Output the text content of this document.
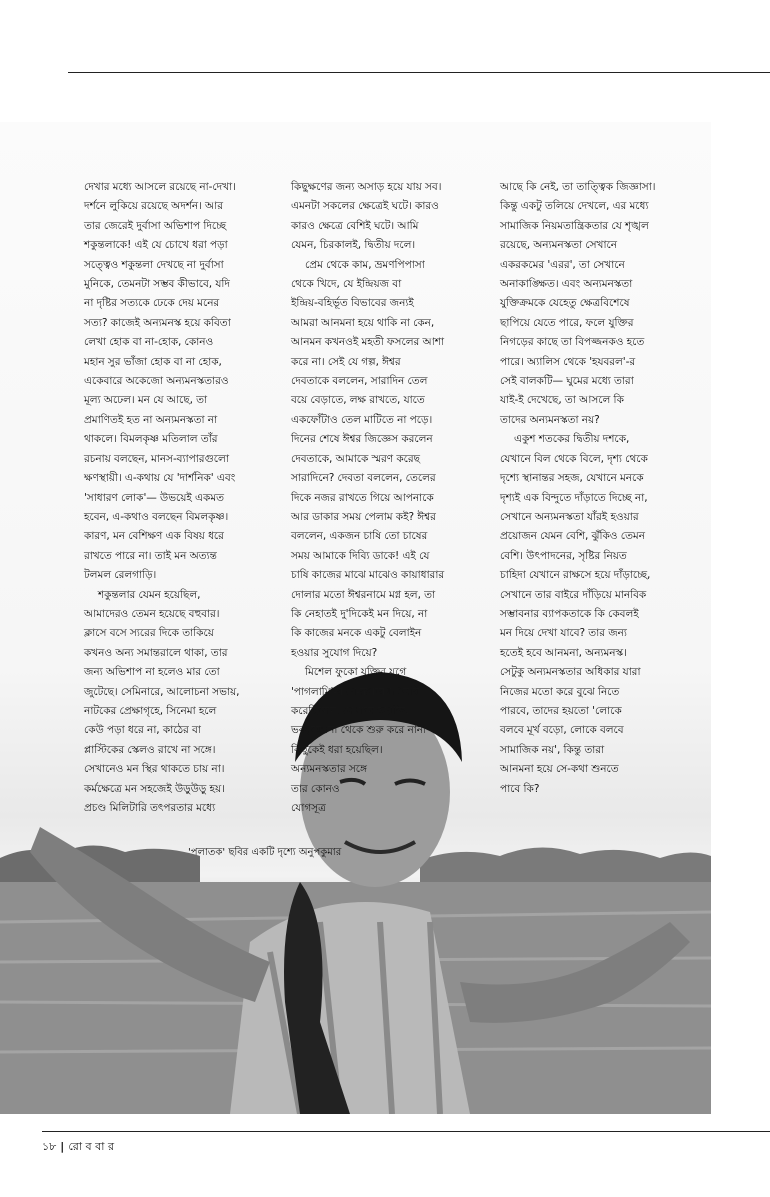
দেখার মধ্যে আসলে রয়েছে না-দেখা।

দর্শনে লুকিয়ে রয়েছে অদর্শন। আর

তার জেরেই দুর্বাসা অভিশাপ দিচ্ছে

শকুন্তলাকে! এই যে চোখে ধরা পড়া

সত্ত্বেও শকুন্তলা দেখছে না দুর্বাসা

মুনিকে, তেমনটা সম্ভব কীভাবে, যদি

না দৃষ্টির সত্যকে ঢেকে দেয় মনের

সত্য? কাজেই অন্যমনস্ক হয়ে কবিতা

লেখা হোক বা না-হোক, কোনও

মহান সুর ভাঁজা হোক বা না হোক,

একেবারে অকেজো অন্যমনস্কতারও

মূল্য অঢেল। মন যে আছে, তা

প্রমাণিতই হত না অন্যমনস্কতা না

থাকলে। বিমলকৃষ্ণ মতিলাল তাঁর

রচনায় বলছেন, মানস-ব্যাপারগুলো

ক্ষণস্থায়ী। এ-কথায় যে 'দার্শনিক' এবং

'সাধারণ লোক'— উভয়েই একমত

হবেন, এ-কথাও বলছেন বিমলকৃষ্ণ।

কারণ, মন বেশিক্ষণ এক বিষয় ধরে

রাখতে পারে না। তাই মন অত্যন্ত

টলমল রেলগাড়ি।

শকুন্তলার যেমন হয়েছিল,

আমাদেরও তেমন হয়েছে বহুবার।

ক্লাসে বসে স্যরের দিকে তাকিয়ে

কখনও অন্য সমান্তরালে থাকা, তার

জন্য অভিশাপ না হলেও মার তো

জুটেছে। সেমিনারে, আলোচনা সভায়,

নাটকের প্রেক্ষাগৃহে, সিনেমা হলে

কেউ পড়া ধরে না, কাঠের বা

প্লাস্টিকের স্কেলও রাখে না সঙ্গে।

সেখানেও মন স্থির থাকতে চায় না।

কর্মক্ষেত্রে মন সহজেই উড়ুউড়ু হয়।

প্রচণ্ড মিলিটারি তৎপরতার মধ্যে

কিছুক্ষণের জন্য অসাড় হয়ে যায় সব।

এমনটা সকলের ক্ষেত্রেই ঘটে। কারও

কারও ক্ষেত্রে বেশিই ঘটে। আমি

যেমন, চিরকালই, দ্বিতীয় দলে।

প্রেম থেকে কাম, ভ্রমণপিপাসা

থেকে খিদে, যে ইন্দ্রিয়জ বা

ইন্দ্রিয়-বহির্ভূত বিভাবের জন্যই

আমরা আনমনা হয়ে থাকি না কেন,

আনমন কখনওই মহতী ফসলের আশা

করে না। সেই যে গল্প, ঈশ্বর

দেবতাকে বললেন, সারাদিন তেল

বয়ে বেড়াতে, লক্ষ রাখতে, যাতে

একফোঁটাও তেল মাটিতে না পড়ে।

দিনের শেষে ঈশ্বর জিজ্ঞেস করলেন

দেবতাকে, আমাকে স্মরণ করেছ

সারাদিনে? দেবতা বললেন, তেলের

দিকে নজর রাখতে গিয়ে আপনাকে

আর ডাকার সময় পেলাম কই? ঈশ্বর

বললেন, একজন চাষি তো চাষের

সময় আমাকে দিব্যি ডাকে! এই যে

চাষি কাজের মাঝে মাঝেও কায়াধারার

দোলার মতো ঈশ্বরনামে মগ্ন হল, তা

কি নেহাতই দু'দিকেই মন দিয়ে, না

কি কাজের মনকে একটু বেলাইন

হওয়ার সুযোগ দিয়ে?

মিশেল ফুকো যুক্তির যুগে

'পাগলামি'-র যে-রূপরেখা তৈরি

করেছিলেন, সেখানে অযুক্তি,

ভবঘুরেপনা থেকে শুরু করে নানা

কিছুকেই ধরা হয়েছিল।

অন্যমনস্কতার সঙ্গে

তার কোনও

যোগসূত্র

আছে কি নেই, তা তাত্ত্বিক জিজ্ঞাসা।

কিন্তু একটু তলিয়ে দেখলে, এর মধ্যে

সামাজিক নিয়মতান্ত্রিকতার যে শৃঙ্খল

রয়েছে, অন্যমনস্কতা সেখানে

একরকমের 'এরর', তা সেখানে

অনাকাঙ্ক্ষিত। এবং অন্যমনস্কতা

যুক্তিক্রমকে যেহেতু ক্ষেত্রবিশেষে

ছাপিয়ে যেতে পারে, ফলে যুক্তির

নিগড়ের কাছে তা বিপজ্জনকও হতে

পারে। অ্যালিস থেকে 'হযবরল'-র

সেই বালকটি— ঘুমের মধ্যে তারা

যাই-ই দেখেছে, তা আসলে কি

তাদের অন্যমনস্কতা নয়?

একুশ শতকের দ্বিতীয় দশকে,

যেখানে বিল থেকে বিলে, দৃশ্য থেকে

দৃশ্যে স্থানান্তর সহজ, যেখানে মনকে

দৃশ্যই এক বিন্দুতে দাঁড়াতে দিচ্ছে না,

সেখানে অন্যমনস্কতা যাঁরই হওয়ার

প্রয়োজন যেমন বেশি, ঝুঁকিও তেমন

বেশি। উৎপাদনের, সৃষ্টির নিয়ত

চাহিদা যেখানে রাক্ষসে হয়ে দাঁড়াচ্ছে,

সেখানে তার বাইরে দাঁড়িয়ে মানবিক

সম্ভাবনার ব্যাপকতাকে কি কেবলই

মন দিয়ে দেখা যাবে? তার জন্য

হতেই হবে আনমনা, অন্যমনস্ক।

সেটুকু অন্যমনস্কতার অধিকার যারা

নিজের মতো করে বুঝে নিতে

পারবে, তাদের হয়তো 'লোকে

বলবে মূর্খ বড়ো, লোকে বলবে

সামাজিক নয়', কিন্তু তারা

আনমনা হয়ে সে-কথা শুনতে

পাবে কি?

'পলাতক' ছবির একটি দৃশ্যে অনুপকুমার
১৮ | রো ব বা র
